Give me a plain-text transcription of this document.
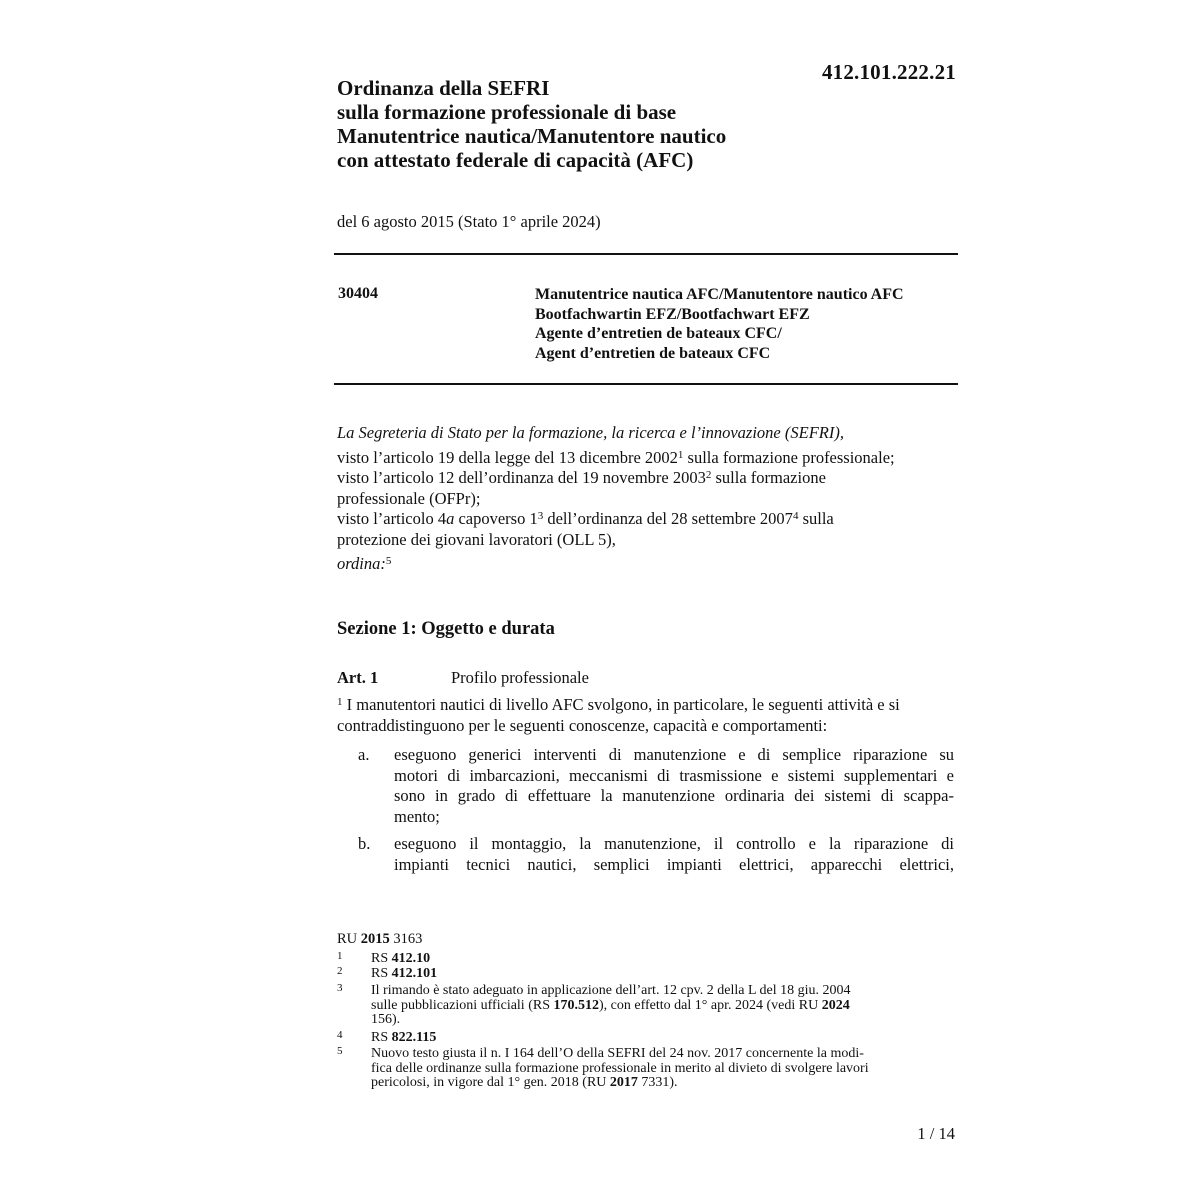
412.101.222.21
Ordinanza della SEFRI
sulla formazione professionale di base
Manutentrice nautica/Manutentore nautico
con attestato federale di capacità (AFC)
del 6 agosto 2015 (Stato 1° aprile 2024)
30404	Manutentrice nautica AFC/Manutentore nautico AFC
Bootfachwartin EFZ/Bootfachwart EFZ
Agente d’entretien de bateaux CFC/
Agent d’entretien de bateaux CFC
La Segreteria di Stato per la formazione, la ricerca e l’innovazione (SEFRI),
visto l’articolo 19 della legge del 13 dicembre 2002$^1$ sulla formazione professionale;
visto l’articolo 12 dell’ordinanza del 19 novembre 2003$^2$ sulla formazione
professionale (OFPr);
visto l’articolo 4a capoverso $1^3$ dell’ordinanza del 28 settembre 2007$^4$ sulla
protezione dei giovani lavoratori (OLL 5),
ordina:$^5$
Sezione 1: Oggetto e durata
Art. 1	Profilo professionale
$^1$ I manutentori nautici di livello AFC svolgono, in particolare, le seguenti attività e si
contraddistinguono per le seguenti conoscenze, capacità e comportamenti:
a. eseguono generici interventi di manutenzione e di semplice riparazione su
motori di imbarcazioni, meccanismi di trasmissione e sistemi supplementari e
sono in grado di effettuare la manutenzione ordinaria dei sistemi di scappa-
mento;
b. eseguono il montaggio, la manutenzione, il controllo e la riparazione di
impianti tecnici nautici, semplici impianti elettrici, apparecchi elettrici,
RU 2015 3163
1 RS 412.10
2 RS 412.101
3 Il rimando è stato adeguato in applicazione dell’art. 12 cpv. 2 della L del 18 giu. 2004
sulle pubblicazioni ufficiali (RS 170.512), con effetto dal 1° apr. 2024 (vedi RU 2024
156).
4 RS 822.115
5 Nuovo testo giusta il n. I 164 dell’O della SEFRI del 24 nov. 2017 concernente la modi-
fica delle ordinanze sulla formazione professionale in merito al divieto di svolgere lavori
pericolosi, in vigore dal 1° gen. 2018 (RU 2017 7331).
1 / 14
